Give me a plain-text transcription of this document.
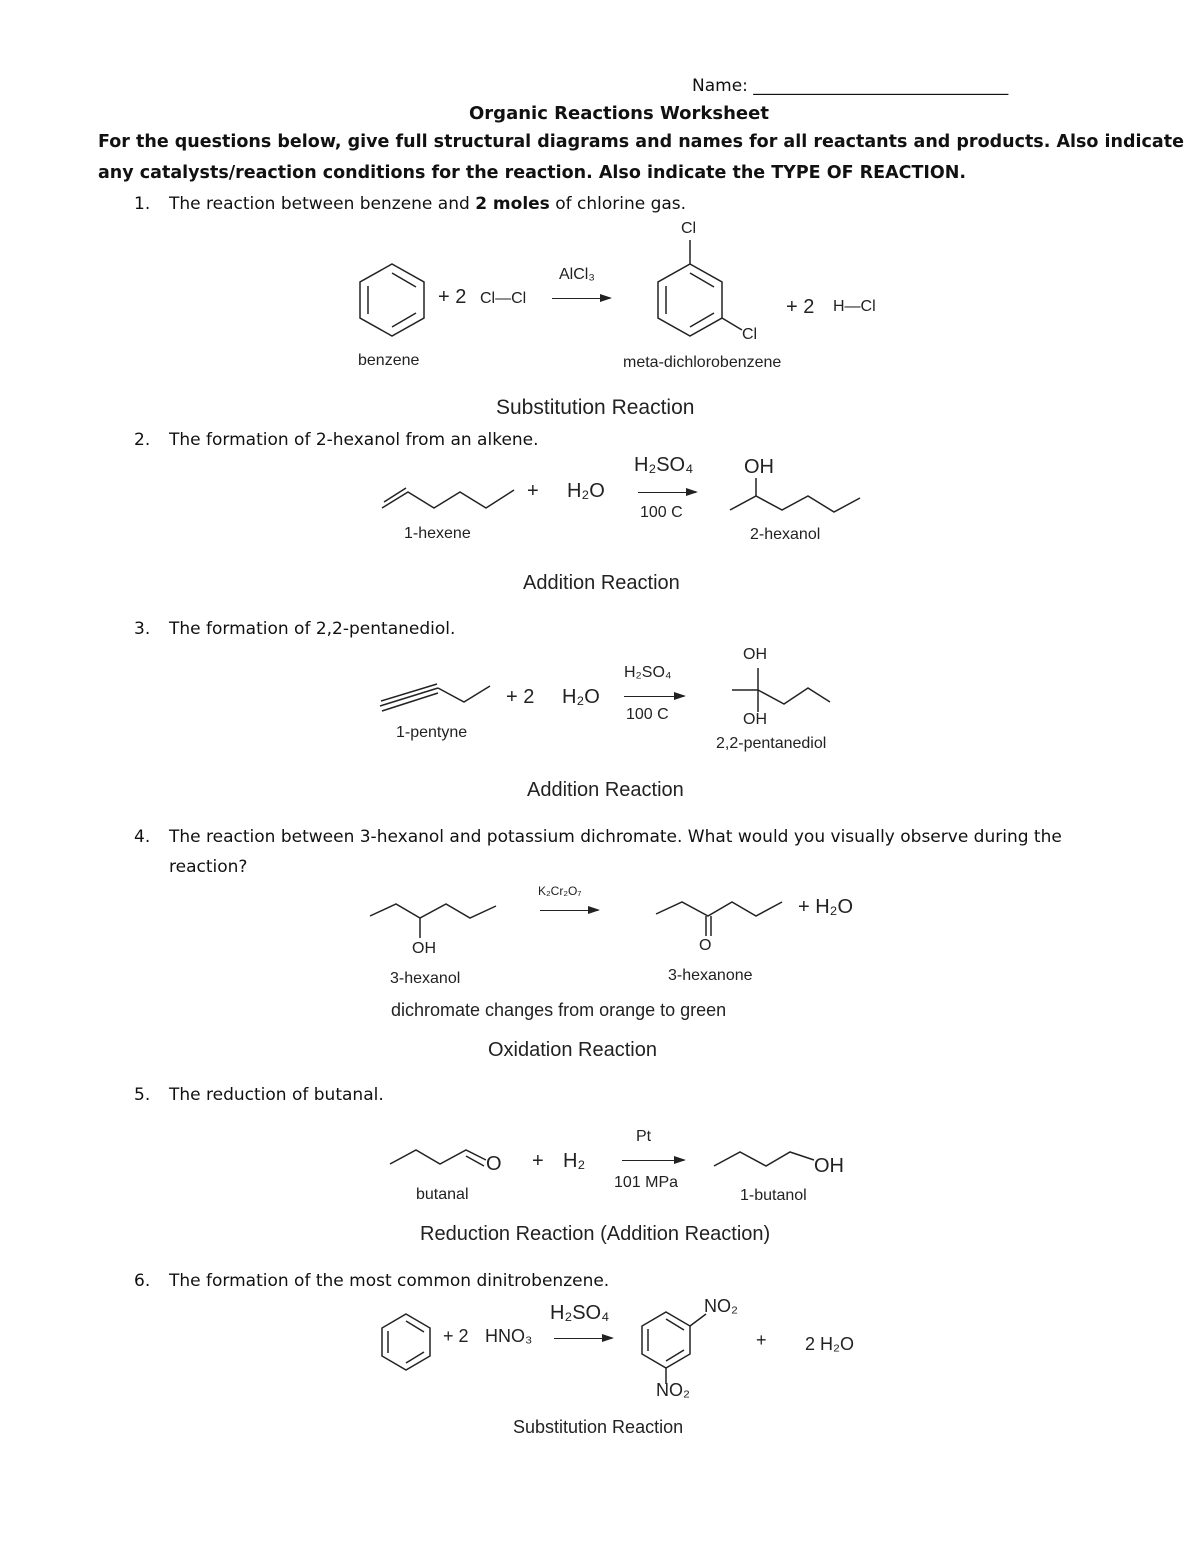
Name: ______________________________
Organic Reactions Worksheet
For the questions below, give full structural diagrams and names for all reactants and products. Also indicate
any catalysts/reaction conditions for the reaction. Also indicate the TYPE OF REACTION.
1. The reaction between benzene and 2 moles of chlorine gas.
+ 2 Cl—Cl
AlCl₃
Cl
Cl
+ 2 H—Cl
benzene	meta-dichlorobenzene
Substitution Reaction
2. The formation of 2-hexanol from an alkene.
+ H₂O
H₂SO₄
100 C
OH
1-hexene	2-hexanol
Addition Reaction
3. The formation of 2,2-pentanediol.
+ 2 H₂O
H₂SO₄
100 C
OH
OH
1-pentyne
2,2-pentanediol
Addition Reaction
4. The reaction between 3-hexanol and potassium dichromate. What would you visually observe during the
reaction?
K₂Cr₂O₇
+ H₂O
OH	O
3-hexanol	3-hexanone
dichromate changes from orange to green
Oxidation Reaction
5. The reduction of butanal.
O + H₂
Pt
101 MPa
OH
butanal	1-butanol
Reduction Reaction (Addition Reaction)
6. The formation of the most common dinitrobenzene.
+ 2 HNO₃
H₂SO₄	NO₂
NO₂
+ 2 H₂O
Substitution Reaction
